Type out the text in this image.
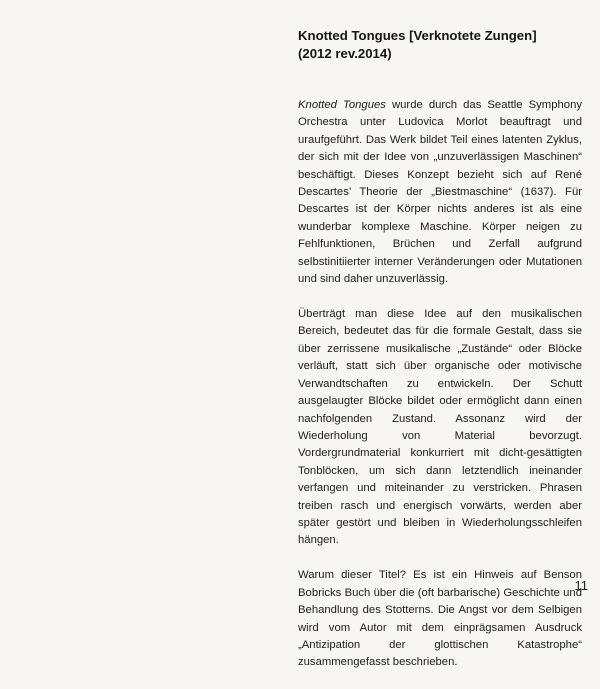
Knotted Tongues [Verknotete Zungen]
(2012 rev.2014)

Knotted Tongues wurde durch das Seattle Symphony Orchestra unter Ludovica Morlot beauftragt und uraufgeführt. Das Werk bildet Teil eines latenten Zyklus, der sich mit der Idee von „unzuverlässigen Maschinen“ beschäftigt. Dieses Konzept bezieht sich auf René Descartes’ Theorie der „Biestmaschine“ (1637). Für Descartes ist der Körper nichts anderes ist als eine wunderbar komplexe Maschine. Körper neigen zu Fehlfunktionen, Brüchen und Zerfall aufgrund selbstinitiierter interner Veränderungen oder Mutationen und sind daher unzuverlässig.

Überträgt man diese Idee auf den musikalischen Bereich, bedeutet das für die formale Gestalt, dass sie über zerrissene musikalische „Zustände“ oder Blöcke verläuft, statt sich über organische oder motivische Verwandtschaften zu entwickeln. Der Schutt ausgelaugter Blöcke bildet oder ermöglicht dann einen nachfolgenden Zustand. Assonanz wird der Wiederholung von Material bevorzugt. Vordergrundmaterial konkurriert mit dicht-gesättigten Tonblöcken, um sich dann letztendlich ineinander verfangen und miteinander zu verstricken. Phrasen treiben rasch und energisch vorwärts, werden aber später gestört und bleiben in Wiederholungsschleifen hängen.

Warum dieser Titel? Es ist ein Hinweis auf Benson Bobricks Buch über die (oft barbarische) Geschichte und Behandlung des Stotterns. Die Angst vor dem Selbigen wird vom Autor mit dem einprägsamen Ausdruck „Antizipation der glottischen Katastrophe“ zusammengefasst beschrieben.

11
